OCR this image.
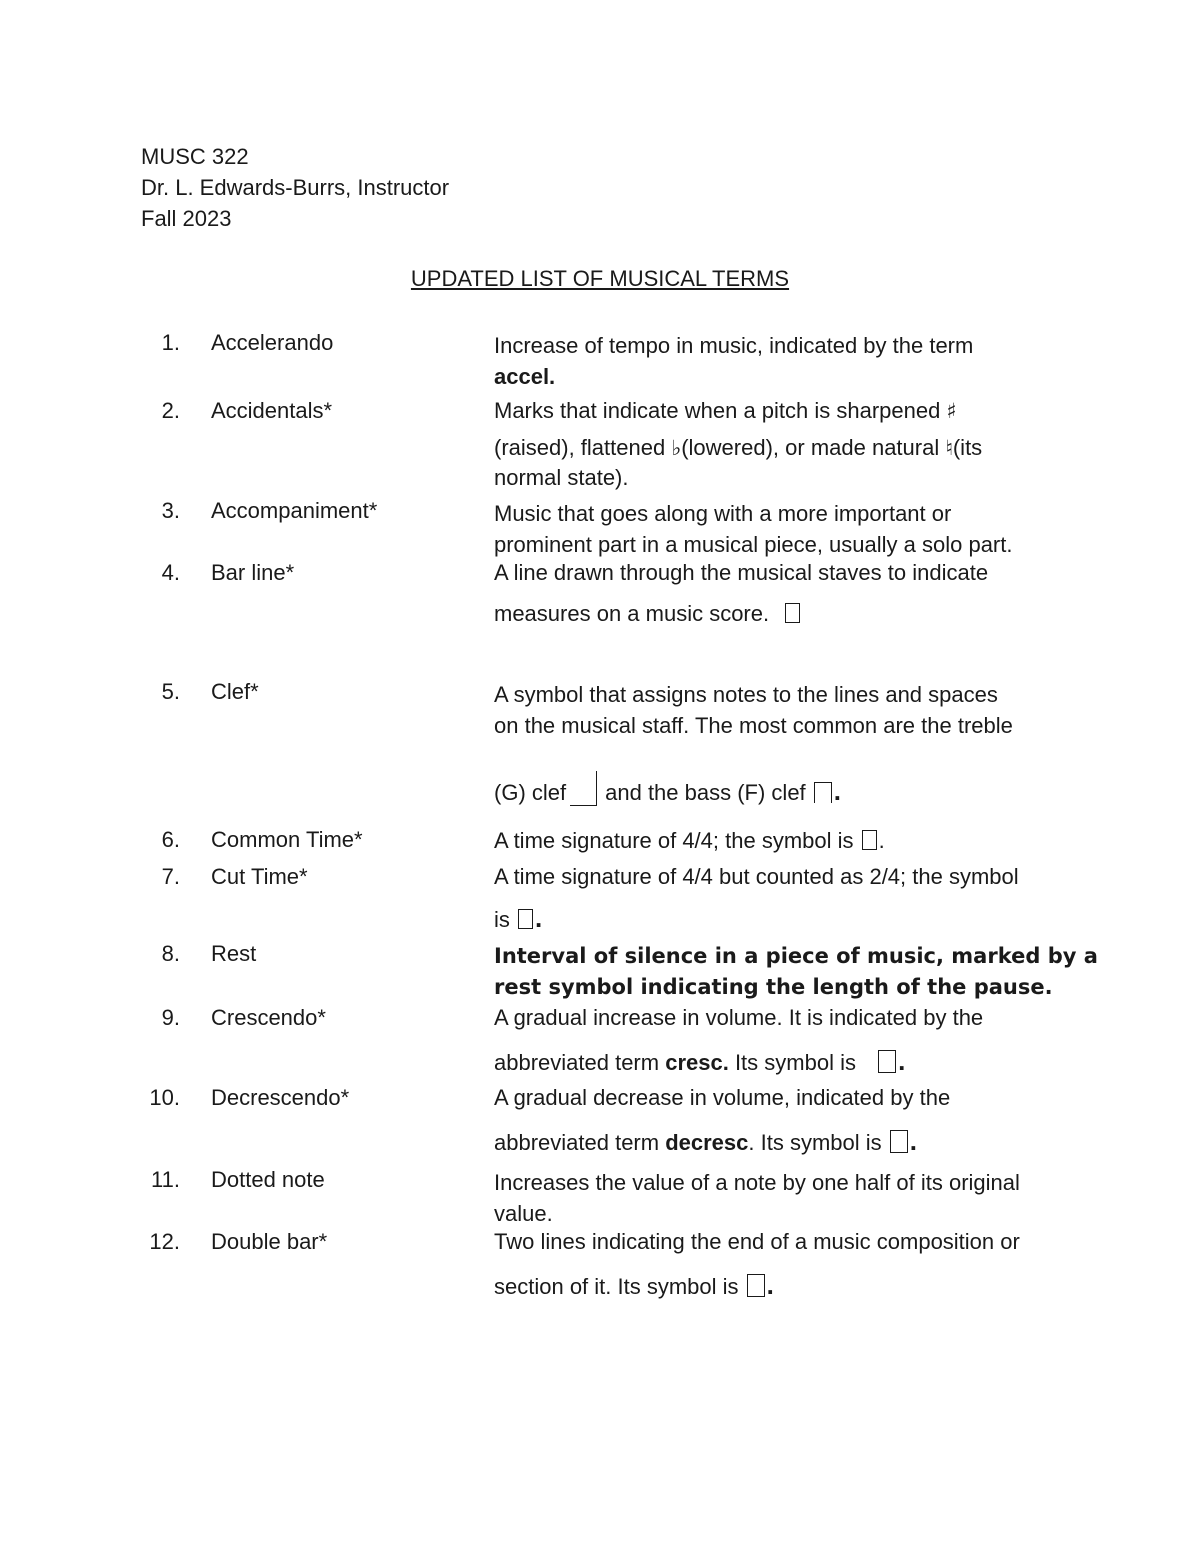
MUSC 322
Dr. L. Edwards-Burrs, Instructor
Fall 2023
UPDATED LIST OF MUSICAL TERMS
1. Accelerando	Increase of tempo in music, indicated by the term
accel.
2. Accidentals*	Marks that indicate when a pitch is sharpened ♯
(raised), flattened ♭(lowered), or made natural ♮(its
normal state).
3. Accompaniment*	Music that goes along with a more important or
prominent part in a musical piece, usually a solo part.
4. Bar line*	A line drawn through the musical staves to indicate
measures on a music score.
5. Clef*	A symbol that assigns notes to the lines and spaces
on the musical staff. The most common are the treble
(G) clef and the bass (F) clef .
6. Common Time*	A time signature of 4/4; the symbol is .
7. Cut Time*	A time signature of 4/4 but counted as 2/4; the symbol
is .
8. Rest	Interval of silence in a piece of music, marked by a
rest symbol indicating the length of the pause.
9. Crescendo*	A gradual increase in volume. It is indicated by the
abbreviated term cresc. Its symbol is .
10. Decrescendo*	A gradual decrease in volume, indicated by the
abbreviated term decresc. Its symbol is .
11. Dotted note	Increases the value of a note by one half of its original
value.
12. Double bar*	Two lines indicating the end of a music composition or
section of it. Its symbol is .
